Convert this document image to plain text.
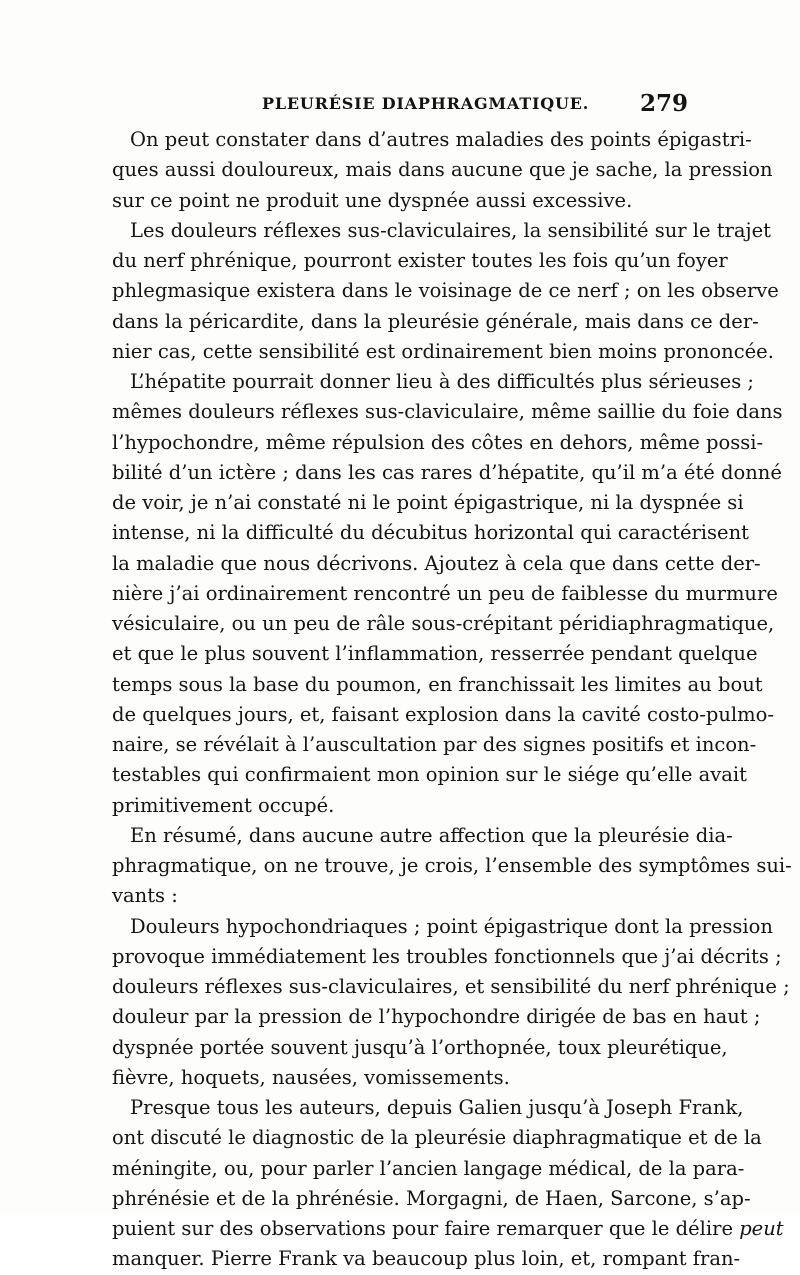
PLEURÉSIE DIAPHRAGMATIQUE. 279
On peut constater dans d’autres maladies des points épigastri-
ques aussi douloureux, mais dans aucune que je sache, la pression
sur ce point ne produit une dyspnée aussi excessive.
Les douleurs réflexes sus-claviculaires, la sensibilité sur le trajet
du nerf phrénique, pourront exister toutes les fois qu’un foyer
phlegmasique existera dans le voisinage de ce nerf ; on les observe
dans la péricardite, dans la pleurésie générale, mais dans ce der-
nier cas, cette sensibilité est ordinairement bien moins prononcée.
L’hépatite pourrait donner lieu à des difficultés plus sérieuses ;
mêmes douleurs réflexes sus-claviculaire, même saillie du foie dans
l’hypochondre, même répulsion des côtes en dehors, même possi-
bilité d’un ictère ; dans les cas rares d’hépatite, qu’il m’a été donné
de voir, je n’ai constaté ni le point épigastrique, ni la dyspnée si
intense, ni la difficulté du décubitus horizontal qui caractérisent
la maladie que nous décrivons. Ajoutez à cela que dans cette der-
nière j’ai ordinairement rencontré un peu de faiblesse du murmure
vésiculaire, ou un peu de râle sous-crépitant péridiaphragmatique,
et que le plus souvent l’inflammation, resserrée pendant quelque
temps sous la base du poumon, en franchissait les limites au bout
de quelques jours, et, faisant explosion dans la cavité costo-pulmo-
naire, se révélait à l’auscultation par des signes positifs et incon-
testables qui confirmaient mon opinion sur le siége qu’elle avait
primitivement occupé.
En résumé, dans aucune autre affection que la pleurésie dia-
phragmatique, on ne trouve, je crois, l’ensemble des symptômes sui-
vants :
Douleurs hypochondriaques ; point épigastrique dont la pression
provoque immédiatement les troubles fonctionnels que j’ai décrits ;
douleurs réflexes sus-claviculaires, et sensibilité du nerf phrénique ;
douleur par la pression de l’hypochondre dirigée de bas en haut ;
dyspnée portée souvent jusqu’à l’orthopnée, toux pleurétique,
fièvre, hoquets, nausées, vomissements.
Presque tous les auteurs, depuis Galien jusqu’à Joseph Frank,
ont discuté le diagnostic de la pleurésie diaphragmatique et de la
méningite, ou, pour parler l’ancien langage médical, de la para-
phrénésie et de la phrénésie. Morgagni, de Haen, Sarcone, s’ap-
puient sur des observations pour faire remarquer que le délire peut
manquer. Pierre Frank va beaucoup plus loin, et, rompant fran-
